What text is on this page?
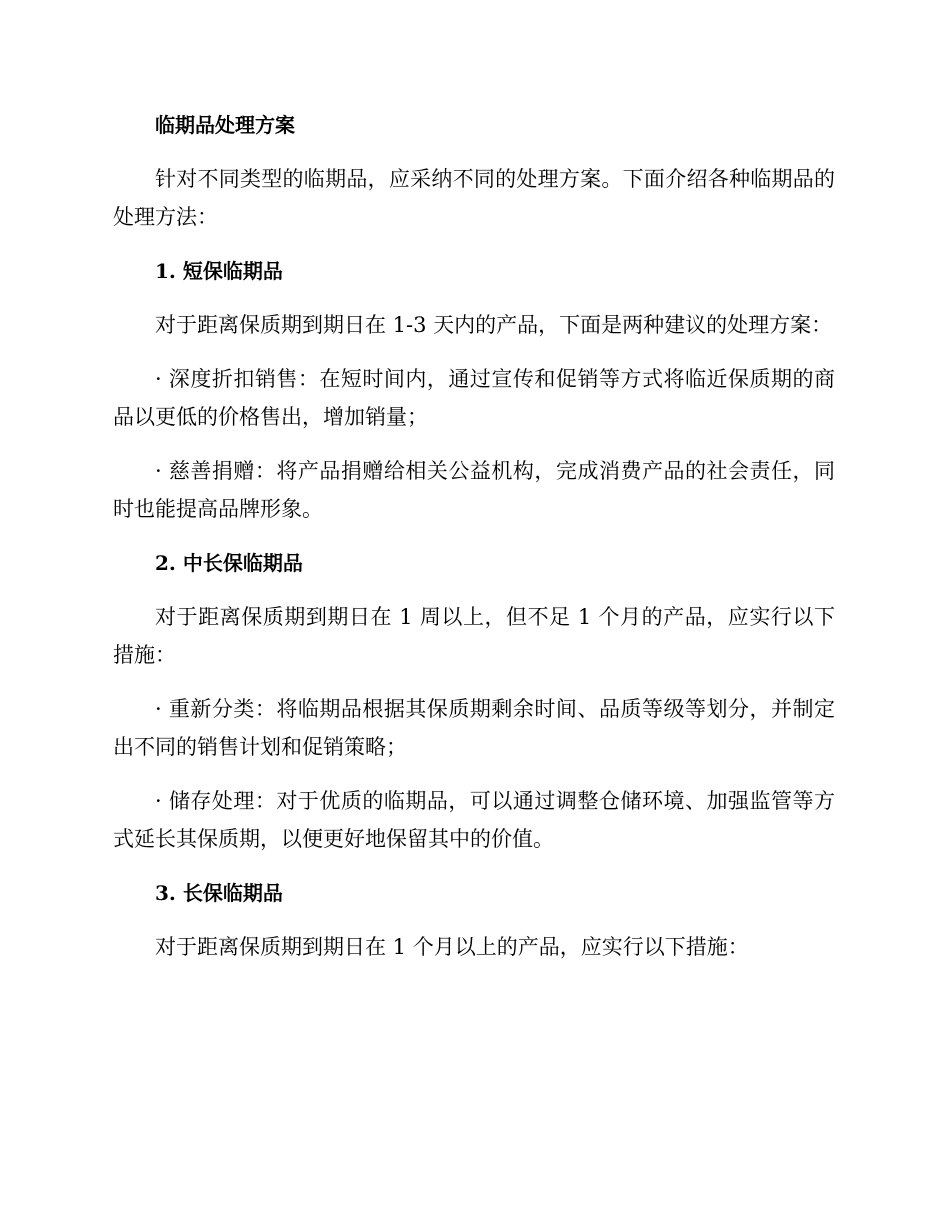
临期品处理方案

针对不同类型的临期品，应采纳不同的处理方案。下面介绍各种临期品的处理方法：

1. 短保临期品

对于距离保质期到期日在 1-3 天内的产品，下面是两种建议的处理方案：

· 深度折扣销售：在短时间内，通过宣传和促销等方式将临近保质期的商品以更低的价格售出，增加销量；

· 慈善捐赠：将产品捐赠给相关公益机构，完成消费产品的社会责任，同时也能提高品牌形象。

2. 中长保临期品

对于距离保质期到期日在 1 周以上，但不足 1 个月的产品，应实行以下措施：

· 重新分类：将临期品根据其保质期剩余时间、品质等级等划分，并制定出不同的销售计划和促销策略；

· 储存处理：对于优质的临期品，可以通过调整仓储环境、加强监管等方式延长其保质期，以便更好地保留其中的价值。

3. 长保临期品

对于距离保质期到期日在 1 个月以上的产品，应实行以下措施：
